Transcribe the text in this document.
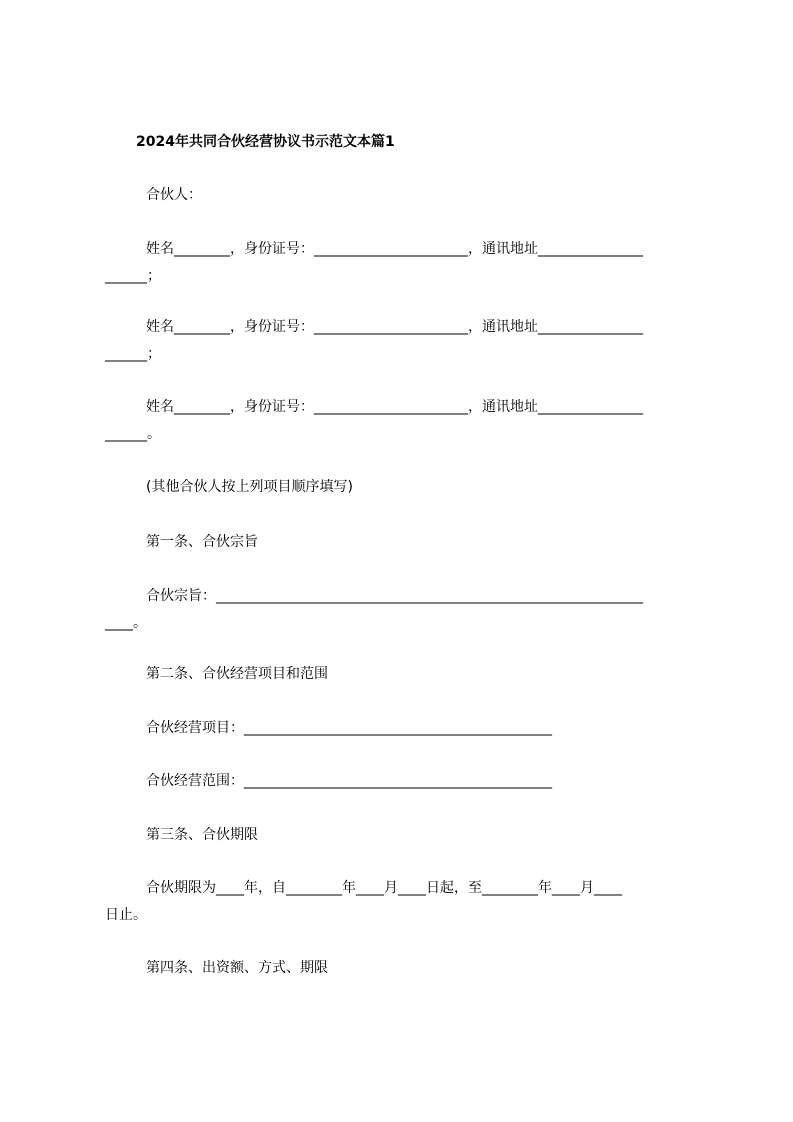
2024年共同合伙经营协议书示范文本篇1
合伙人：
姓名________，身份证号：______________________，通讯地址_______________
______；
姓名________，身份证号：______________________，通讯地址_______________
______；
姓名________，身份证号：______________________，通讯地址_______________
______。
(其他合伙人按上列项目顺序填写)
第一条、合伙宗旨
合伙宗旨：_____________________________________________________________
____。
第二条、合伙经营项目和范围
合伙经营项目：____________________________________________
合伙经营范围：____________________________________________
第三条、合伙期限
合伙期限为____年，自________年____月____日起，至________年____月____
日止。
第四条、出资额、方式、期限
